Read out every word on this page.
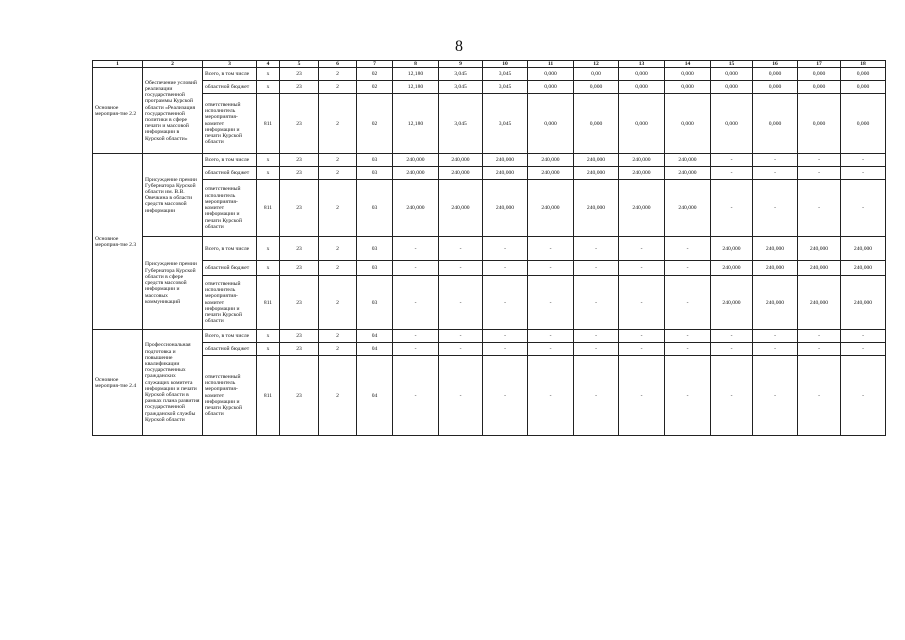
8
1	2	3	4	5	6	7	8	9	10	11	12	13	14	15	16	17	18
Основное мероприя-тие 2.2	Обеспечение условий реализации государственной программы Курской области «Реализация государственной политики в сфере печати и массовой информации в Курской области»	Всего, в том числе	x	23	2	02	12,180	3,045	3,045	0,000	0,00	0,000	0,000	0,000	0,000	0,000	0,000
		областной бюджет	x	23	2	02	12,180	3,045	3,045	0,000	0,000	0,000	0,000	0,000	0,000	0,000	0,000
		ответственный исполнитель мероприятия-комитет информации и печати Курской области	811	23	2	02	12,180	3,045	3,045	0,000	0,000	0,000	0,000	0,000	0,000	0,000	0,000
Основное мероприя-тие 2.3	Присуждение премии Губернатора Курской области им. В.В. Овечкина в области средств массовой информации	Всего, в том числе	x	23	2	03	240,000	240,000	240,000	240,000	240,000	240,000	240,000	-	-	-	-
		областной бюджет	x	23	2	03	240,000	240,000	240,000	240,000	240,000	240,000	240,000	-	-	-	-
		ответственный исполнитель мероприятия-комитет информации и печати Курской области	811	23	2	03	240,000	240,000	240,000	240,000	240,000	240,000	240,000	-	-	-	-
	Присуждение премии Губернатора Курской области в сфере средств массовой информации и массовых коммуникаций	Всего, в том числе	x	23	2	03	-	-	-	-	-	-	-	240,000	240,000	240,000	240,000
		областной бюджет	x	23	2	03	-	-	-	-	-	-	-	240,000	240,000	240,000	240,000
		ответственный исполнитель мероприятия-комитет информации и печати Курской области	811	23	2	03	-	-	-	-	-	-	-	240,000	240,000	240,000	240,000
Основное мероприя-тие 2.4	Профессиональная подготовка и повышение квалификации государственных гражданских служащих комитета информации и печати Курской области в рамках плана развития государственной гражданской службы Курской области	Всего, в том числе	x	23	2	04	-	-	-	-	-	-	-	-	-	-	-
		областной бюджет	x	23	2	04	-	-	-	-	-	-	-	-	-	-	-
		ответственный исполнитель мероприятия-комитет информации и печати Курской области	811	23	2	04	-	-	-	-	-	-	-	-	-	-	-
